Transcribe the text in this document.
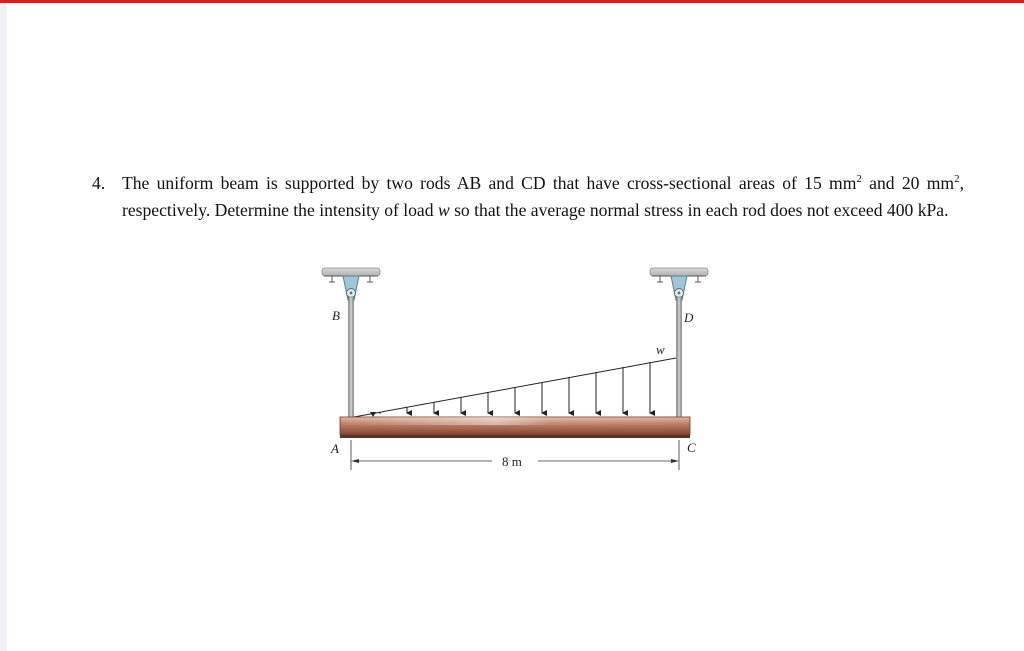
4. The uniform beam is supported by two rods AB and CD that have cross-sectional areas of 15 $mm^2$ and 20 $mm^2$, respectively. Determine the intensity of load w so that the average normal stress in each rod does not exceed 400 kPa.
B	D
w
A	C
8 m
